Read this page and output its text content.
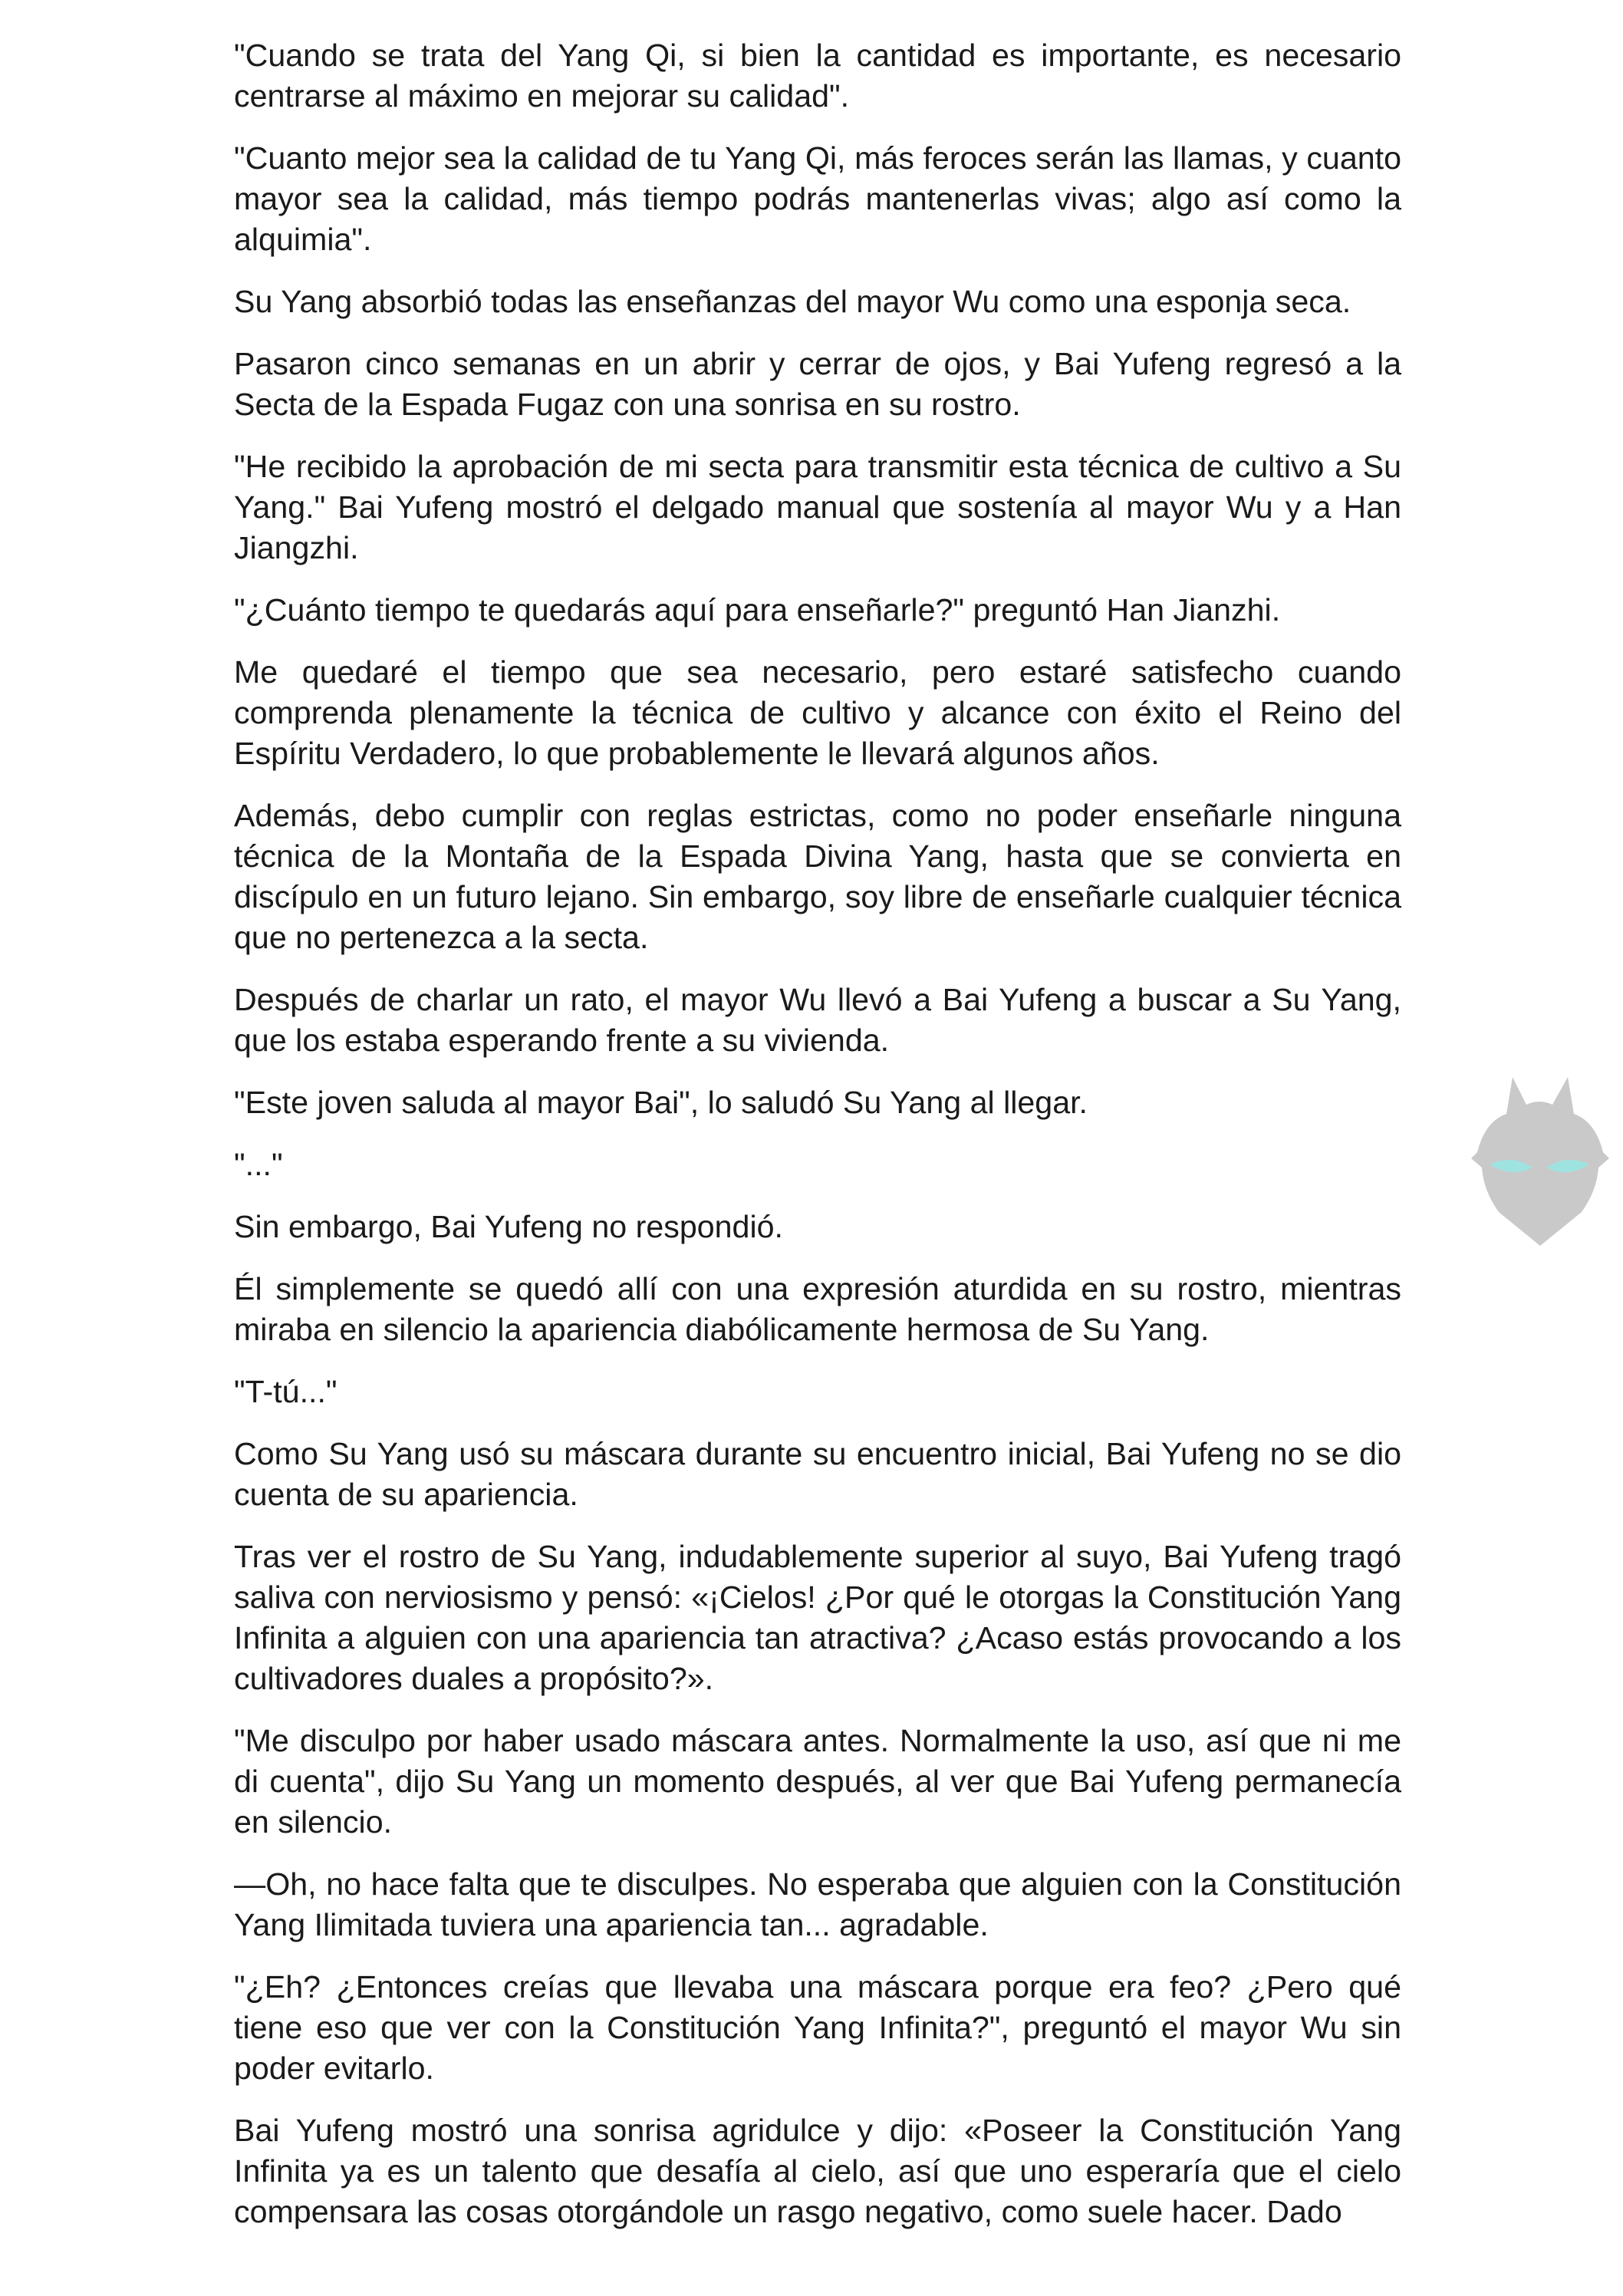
"Cuando se trata del Yang Qi, si bien la cantidad es importante, es necesario centrarse al máximo en mejorar su calidad".

"Cuanto mejor sea la calidad de tu Yang Qi, más feroces serán las llamas, y cuanto mayor sea la calidad, más tiempo podrás mantenerlas vivas; algo así como la alquimia".

Su Yang absorbió todas las enseñanzas del mayor Wu como una esponja seca.

Pasaron cinco semanas en un abrir y cerrar de ojos, y Bai Yufeng regresó a la Secta de la Espada Fugaz con una sonrisa en su rostro.

"He recibido la aprobación de mi secta para transmitir esta técnica de cultivo a Su Yang." Bai Yufeng mostró el delgado manual que sostenía al mayor Wu y a Han Jiangzhi.

"¿Cuánto tiempo te quedarás aquí para enseñarle?" preguntó Han Jianzhi.

Me quedaré el tiempo que sea necesario, pero estaré satisfecho cuando comprenda plenamente la técnica de cultivo y alcance con éxito el Reino del Espíritu Verdadero, lo que probablemente le llevará algunos años.

Además, debo cumplir con reglas estrictas, como no poder enseñarle ninguna técnica de la Montaña de la Espada Divina Yang, hasta que se convierta en discípulo en un futuro lejano. Sin embargo, soy libre de enseñarle cualquier técnica que no pertenezca a la secta.

Después de charlar un rato, el mayor Wu llevó a Bai Yufeng a buscar a Su Yang, que los estaba esperando frente a su vivienda.

"Este joven saluda al mayor Bai", lo saludó Su Yang al llegar.

"..."

Sin embargo, Bai Yufeng no respondió.

Él simplemente se quedó allí con una expresión aturdida en su rostro, mientras miraba en silencio la apariencia diabólicamente hermosa de Su Yang.

"T-tú..."

Como Su Yang usó su máscara durante su encuentro inicial, Bai Yufeng no se dio cuenta de su apariencia.

Tras ver el rostro de Su Yang, indudablemente superior al suyo, Bai Yufeng tragó saliva con nerviosismo y pensó: «¡Cielos! ¿Por qué le otorgas la Constitución Yang Infinita a alguien con una apariencia tan atractiva? ¿Acaso estás provocando a los cultivadores duales a propósito?».

"Me disculpo por haber usado máscara antes. Normalmente la uso, así que ni me di cuenta", dijo Su Yang un momento después, al ver que Bai Yufeng permanecía en silencio.

—Oh, no hace falta que te disculpes. No esperaba que alguien con la Constitución Yang Ilimitada tuviera una apariencia tan... agradable.

"¿Eh? ¿Entonces creías que llevaba una máscara porque era feo? ¿Pero qué tiene eso que ver con la Constitución Yang Infinita?", preguntó el mayor Wu sin poder evitarlo.

Bai Yufeng mostró una sonrisa agridulce y dijo: «Poseer la Constitución Yang Infinita ya es un talento que desafía al cielo, así que uno esperaría que el cielo compensara las cosas otorgándole un rasgo negativo, como suele hacer. Dado
